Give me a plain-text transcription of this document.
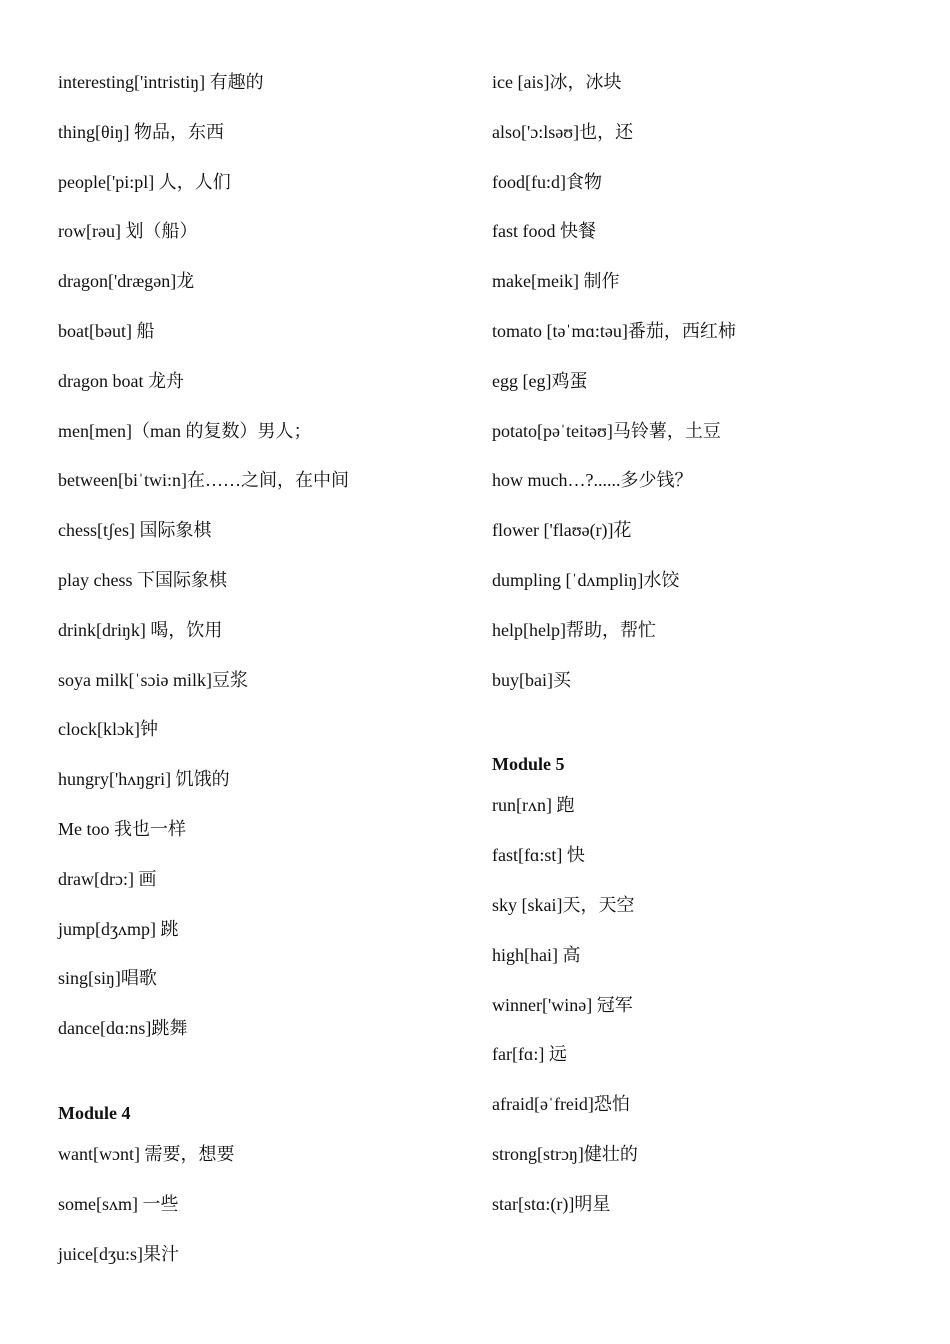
interesting['intristiŋ] 有趣的
thing[θiŋ] 物品，东西
people['pi:pl] 人，人们
row[rəu] 划（船）
dragon['drægən]龙
boat[bəut] 船
dragon boat 龙舟
men[men]（man 的复数）男人；
between[biˈtwi:n]在……之间，在中间
chess[tʃes] 国际象棋
play chess 下国际象棋
drink[driŋk] 喝，饮用
soya milk[ˈsɔiə milk]豆浆
clock[klɔk]钟
hungry['hʌŋgri] 饥饿的
Me too 我也一样
draw[drɔ:] 画
jump[dʒʌmp] 跳
sing[siŋ]唱歌
dance[dɑ:ns]跳舞
Module 4
want[wɔnt] 需要，想要
some[sʌm] 一些
juice[dʒu:s]果汁
ice [ais]冰，冰块
also['ɔ:lsəʊ]也，还
food[fu:d]食物
fast food 快餐
make[meik] 制作
tomato [təˈmɑ:təu]番茄，西红柿
egg [eg]鸡蛋
potato[pəˈteitəʊ]马铃薯，土豆
how much…?......多少钱？
flower ['flaʊə(r)]花
dumpling [ˈdʌmpliŋ]水饺
help[help]帮助，帮忙
buy[bai]买
Module 5
run[rʌn] 跑
fast[fɑ:st] 快
sky [skai]天，天空
high[hai] 高
winner['winə] 冠军
far[fɑ:] 远
afraid[əˈfreid]恐怕
strong[strɔŋ]健壮的
star[stɑ:(r)]明星
